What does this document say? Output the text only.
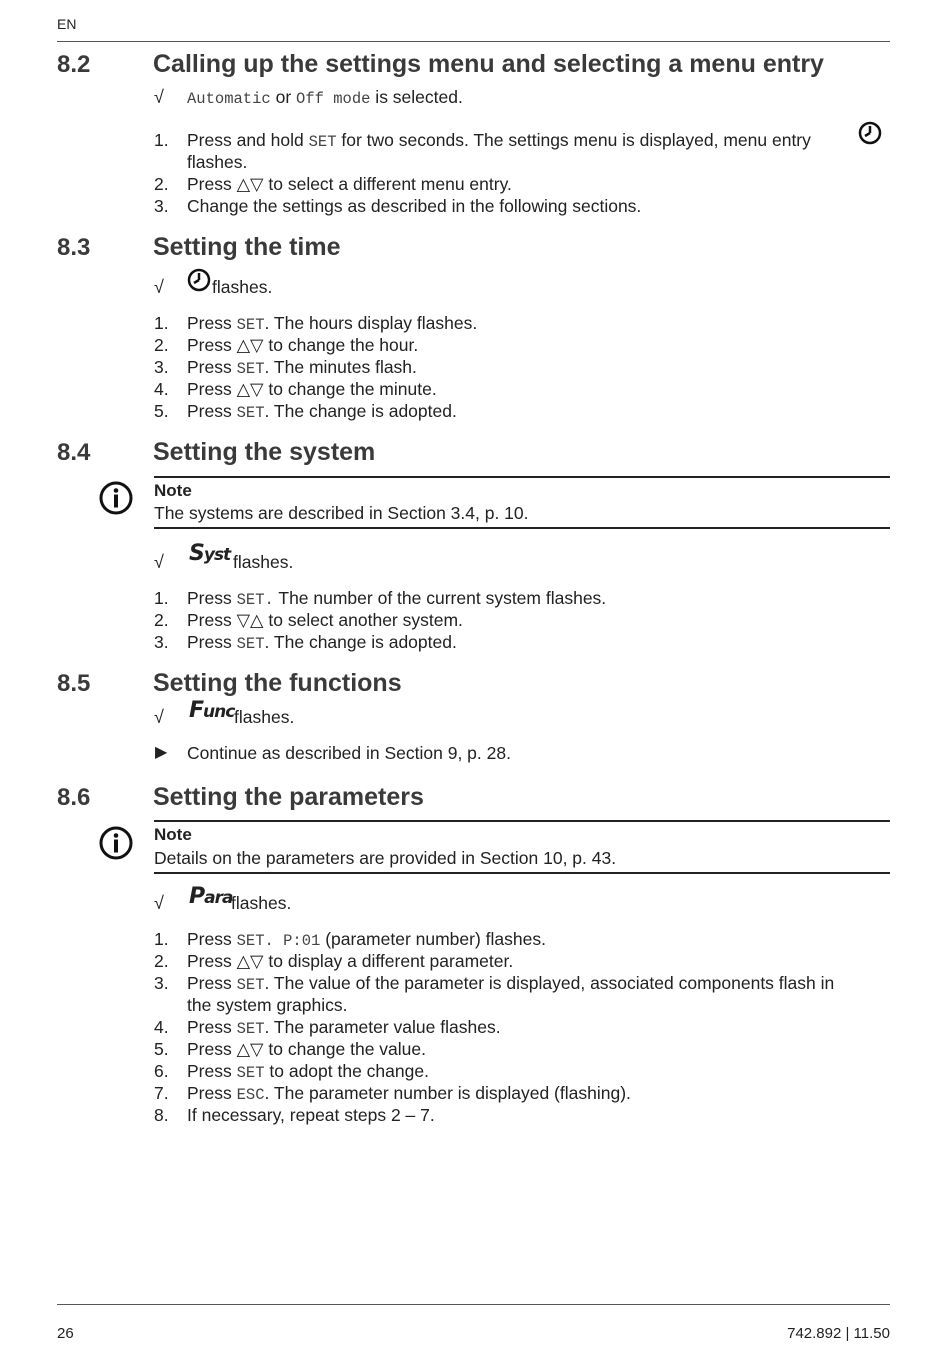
EN
8.2	Calling up the settings menu and selecting a menu entry
√ Automatic or Off mode is selected.
1. Press and hold SET for two seconds. The settings menu is displayed, menu entry
flashes.
2. Press △▽ to select a different menu entry.
3. Change the settings as described in the following sections.
8.3	Setting the time
√	flashes.
1. Press SET. The hours display flashes.
2. Press △▽ to change the hour.
3. Press SET. The minutes flash.
4. Press △▽ to change the minute.
5. Press SET. The change is adopted.
8.4	Setting the system
Note
The systems are described in Section 3.4, p. 10.
√ Syst flashes.
1. Press SET. The number of the current system flashes.
2. Press ▽△ to select another system.
3. Press SET. The change is adopted.
8.5	Setting the functions
√ Func flashes.
▶ Continue as described in Section 9, p. 28.
8.6	Setting the parameters
Note
Details on the parameters are provided in Section 10, p. 43.
√ Para
flashes.
1. Press SET. P:01 (parameter number) flashes.
2. Press △▽ to display a different parameter.
3. Press SET. The value of the parameter is displayed, associated components flash in
the system graphics.
4. Press SET. The parameter value flashes.
5. Press △▽ to change the value.
6. Press SET to adopt the change.
7. Press ESC. The parameter number is displayed (flashing).
8. If necessary, repeat steps 2 – 7.
26	742.892 | 11.50
